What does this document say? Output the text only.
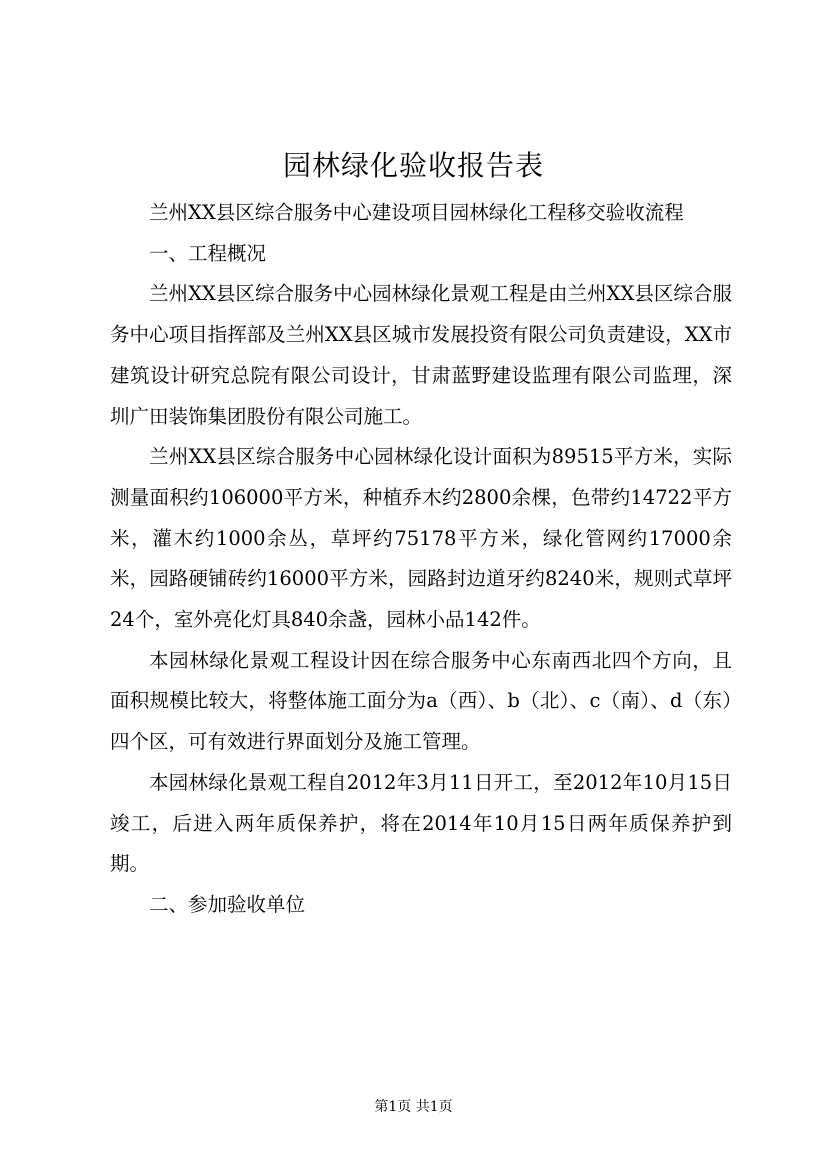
园林绿化验收报告表

兰州XX县区综合服务中心建设项目园林绿化工程移交验收流程

一、工程概况

兰州XX县区综合服务中心园林绿化景观工程是由兰州XX县区综合服务中心项目指挥部及兰州XX县区城市发展投资有限公司负责建设，XX市建筑设计研究总院有限公司设计，甘肃蓝野建设监理有限公司监理，深圳广田装饰集团股份有限公司施工。

兰州XX县区综合服务中心园林绿化设计面积为89515平方米，实际测量面积约106000平方米，种植乔木约2800余棵，色带约14722平方米，灌木约1000余丛，草坪约75178平方米，绿化管网约17000余米，园路硬铺砖约16000平方米，园路封边道牙约8240米，规则式草坪24个，室外亮化灯具840余盏，园林小品142件。

本园林绿化景观工程设计因在综合服务中心东南西北四个方向，且面积规模比较大，将整体施工面分为a（西）、b（北）、c（南）、d（东）四个区，可有效进行界面划分及施工管理。

本园林绿化景观工程自2012年3月11日开工，至2012年10月15日竣工，后进入两年质保养护，将在2014年10月15日两年质保养护到期。

二、参加验收单位

第1页 共1页
